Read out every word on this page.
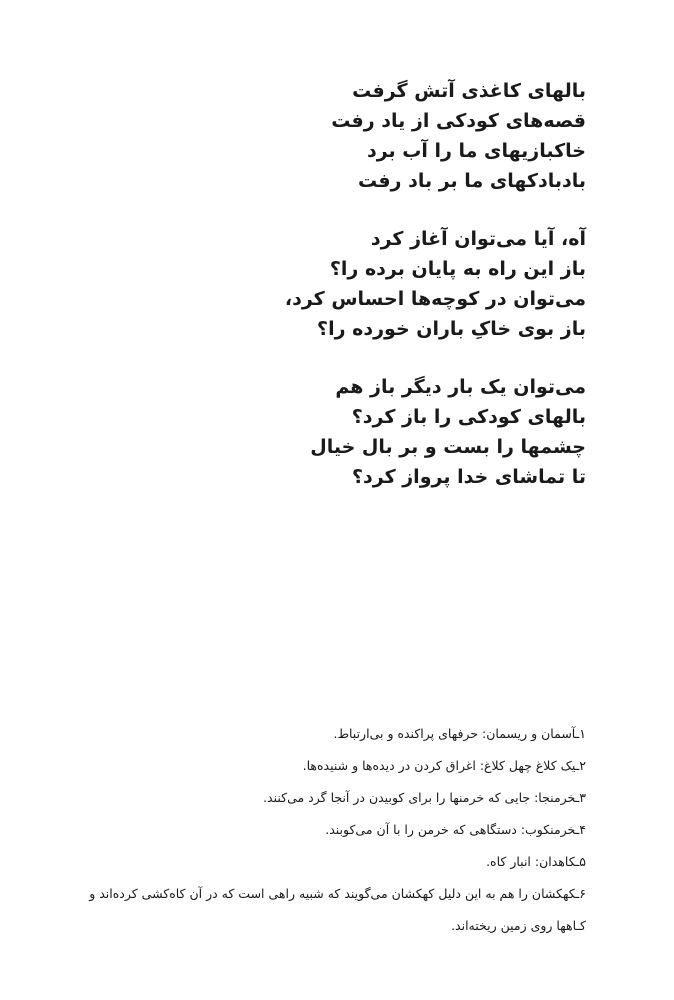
بالهای کاغذی آتش گرفت
قصه‌های کودکی از یاد رفت
خاکبازیهای ما را آب برد
بادبادکهای ما بر باد رفت
آه، آیا می‌توان آغاز کرد
باز این راه به پایان برده را؟
می‌توان در کوچه‌ها احساس کرد،
باز بوی خاکِ باران خورده را؟
می‌توان یک بار دیگر باز هم
بالهای کودکی را باز کرد؟
چشمها را بست و بر بال خیال
تا تماشای خدا پرواز کرد؟
۱ـآسمان و ریسمان: حرفهای پراکنده و بی‌ارتباط.
۲ـیک کلاغ چهل کلاغ: اغراق کردن در دیده‌ها و شنیده‌ها.
۳ـخرمنجا: جایی که خرمنها را برای کوبیدن در آنجا گرد می‌کنند.
۴ـخرمنکوب: دستگاهی که خرمن را با آن می‌کوبند.
۵ـکاهدان: انبار کاه.
۶ـکهکشان را هم به این دلیل کهکشان می‌گویند که شبیه راهی است که در آن کاه‌کشی کرده‌اند و کـاهها روی زمین ریخته‌اند.
